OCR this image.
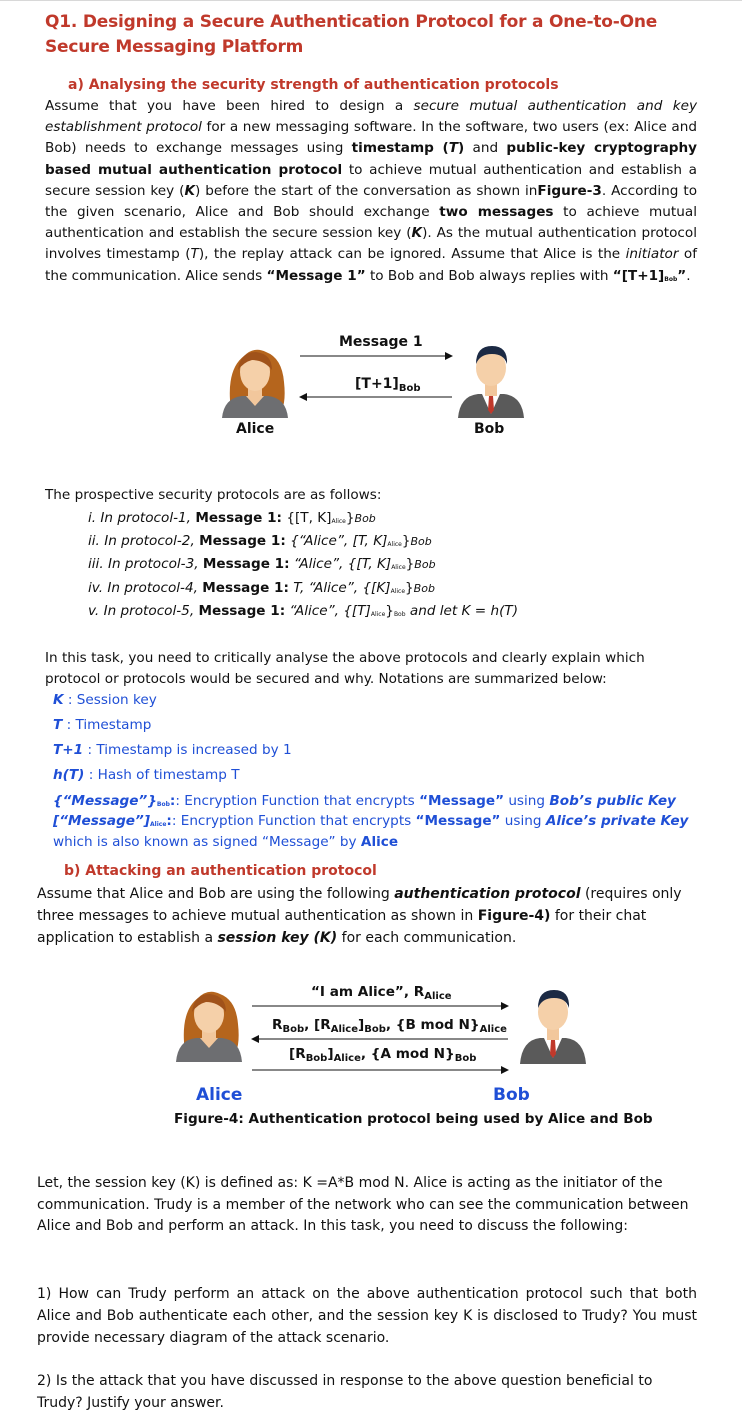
Q1. Designing a Secure Authentication Protocol for a One-to-One Secure Messaging Platform
a) Analysing the security strength of authentication protocols
Assume that you have been hired to design a secure mutual authentication and key establishment protocol for a new messaging software. In the software, two users (ex: Alice and Bob) needs to exchange messages using timestamp (T) and public-key cryptography based mutual authentication protocol to achieve mutual authentication and establish a secure session key (K) before the start of the conversation as shown inFigure-3. According to the given scenario, Alice and Bob should exchange two messages to achieve mutual authentication and establish the secure session key (K). As the mutual authentication protocol involves timestamp (T), the replay attack can be ignored. Assume that Alice is the initiator of the communication. Alice sends “Message 1” to Bob and Bob always replies with “[T+1]Bob”.
Message 1
$[T+1]_{Bob}$
Alice	Bob
The prospective security protocols are as follows:
i. In protocol-1, Message 1: {[T, K]Alice}Bob
ii. In protocol-2, Message 1: {“Alice”, [T, K]Alice}Bob
iii. In protocol-3, Message 1: “Alice”, {[T, K]Alice}Bob
iv. In protocol-4, Message 1: T, “Alice”, {[K]Alice}Bob
v. In protocol-5, Message 1: “Alice”, {[T]Alice}Bob and let K = h(T)
In this task, you need to critically analyse the above protocols and clearly explain which protocol or protocols would be secured and why. Notations are summarized below:
K : Session key
T : Timestamp
T+1 : Timestamp is increased by 1
h(T) : Hash of timestamp T
{“Message”}Bob:: Encryption Function that encrypts “Message” using Bob’s public Key
[“Message”]Alice:: Encryption Function that encrypts “Message” using Alice’s private Key
which is also known as signed “Message” by Alice
b) Attacking an authentication protocol
Assume that Alice and Bob are using the following authentication protocol (requires only three messages to achieve mutual authentication as shown in Figure-4) for their chat application to establish a session key (K) for each communication.
“I am Alice”, $R_{Alice}$
$R_{Bob}$, $[R_{Alice}]_{Bob}$, {B mod $N\}_{Alice}$
$[R_{Bob}]_{Alice}$, {A mod $N\}_{Bob}$
Alice	Bob
Figure-4: Authentication protocol being used by Alice and Bob
Let, the session key (K) is defined as: K =A*B mod N. Alice is acting as the initiator of the communication. Trudy is a member of the network who can see the communication between Alice and Bob and perform an attack. In this task, you need to discuss the following:
1) How can Trudy perform an attack on the above authentication protocol such that both Alice and Bob authenticate each other, and the session key K is disclosed to Trudy? You must provide necessary diagram of the attack scenario.
2) Is the attack that you have discussed in response to the above question beneficial to Trudy? Justify your answer.
